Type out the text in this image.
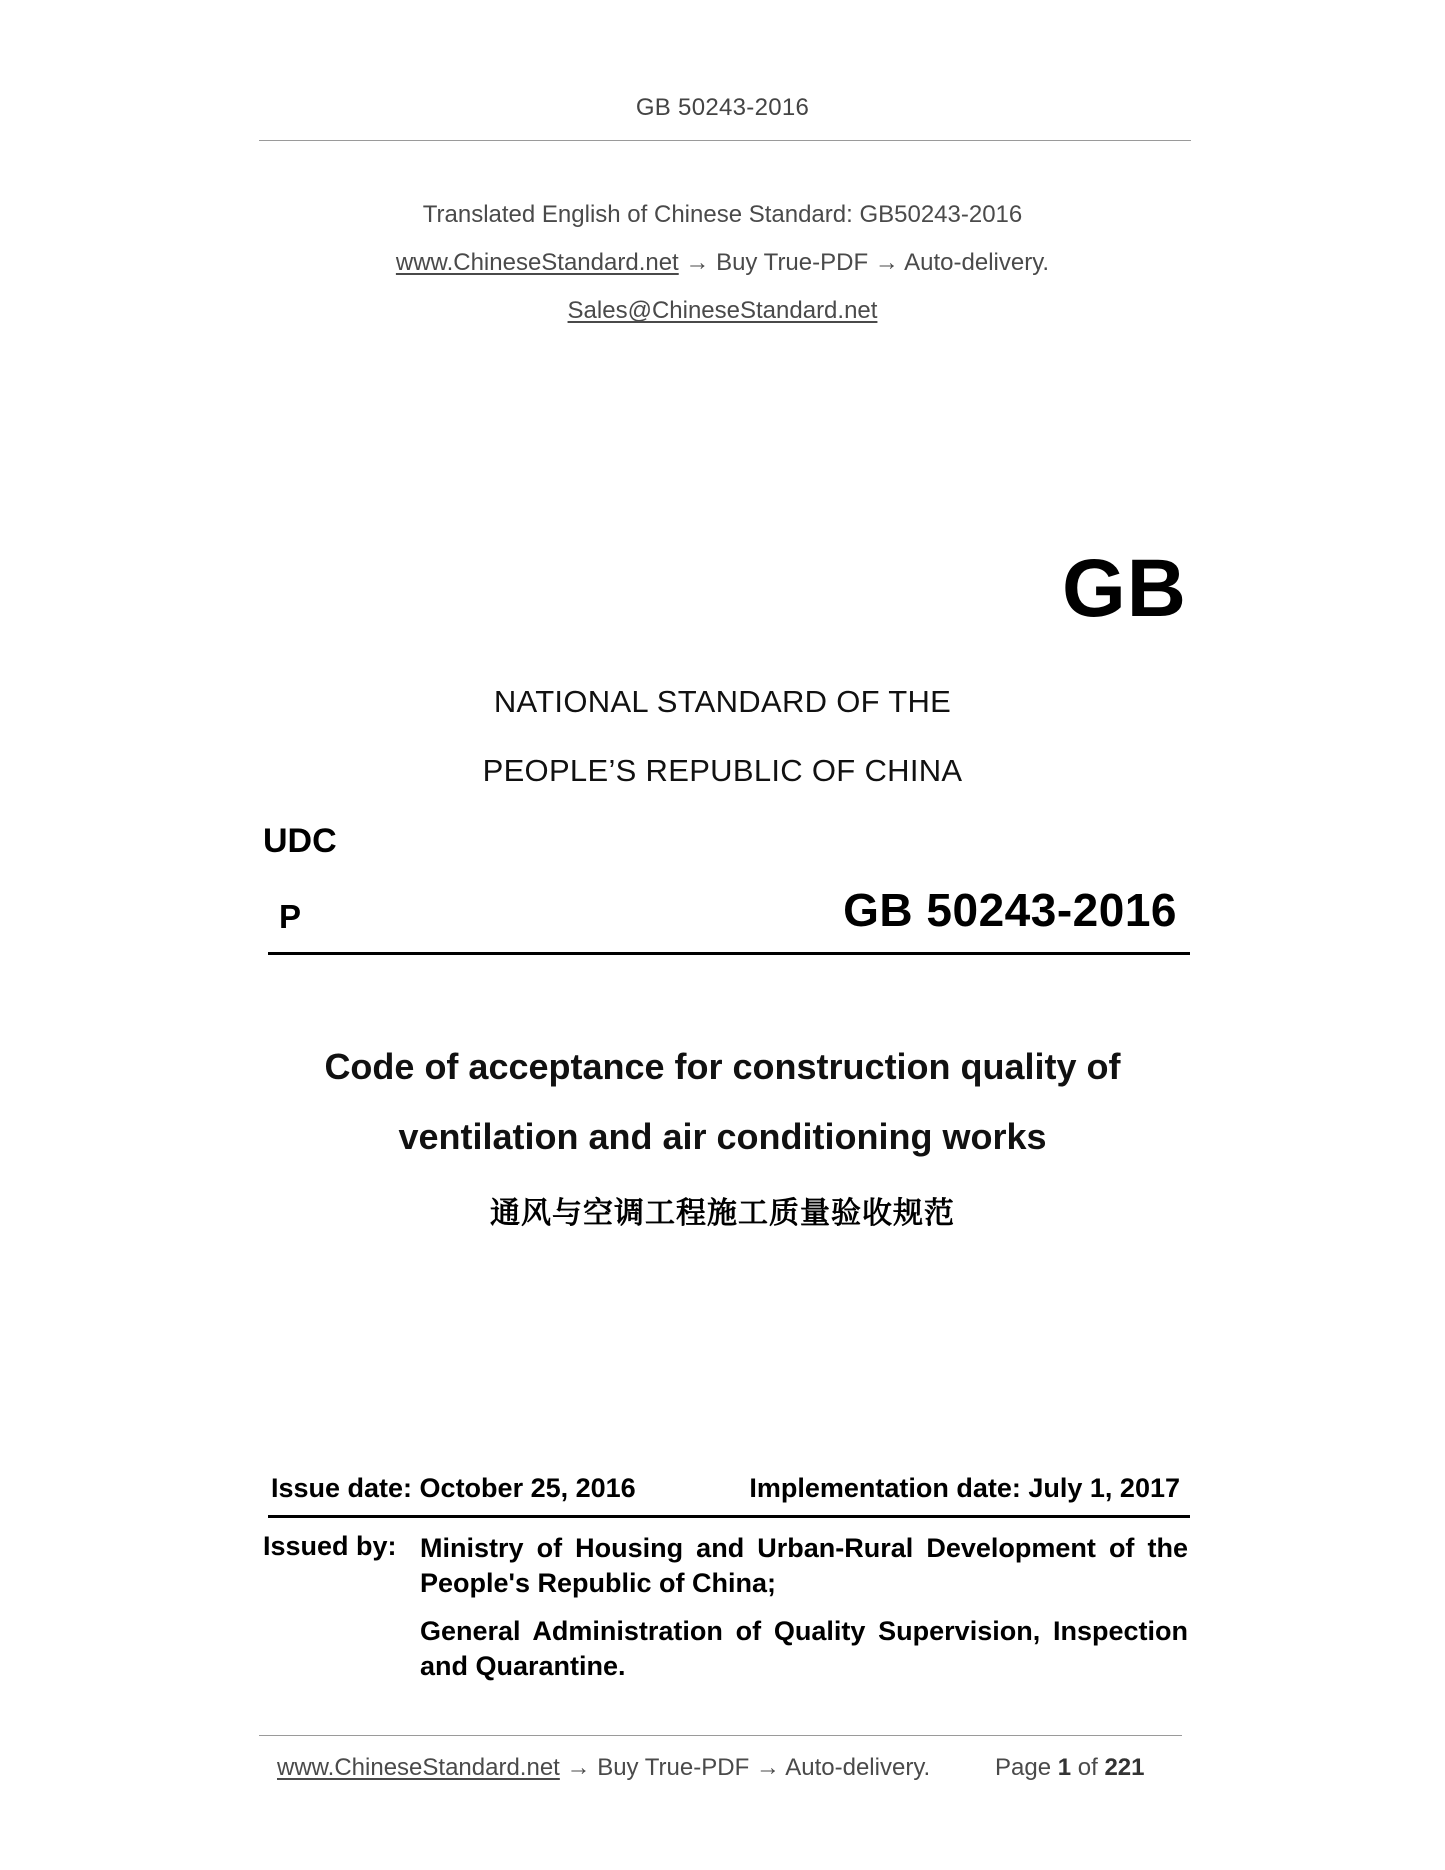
GB 50243-2016
Translated English of Chinese Standard: GB50243-2016
www.ChineseStandard.net → Buy True-PDF → Auto-delivery.
Sales@ChineseStandard.net
GB
NATIONAL STANDARD OF THE
PEOPLE’S REPUBLIC OF CHINA
UDC
P	GB 50243-2016
Code of acceptance for construction quality of
ventilation and air conditioning works
通风与空调工程施工质量验收规范
Issue date: October 25, 2016	Implementation date: July 1, 2017
Issued by: Ministry of Housing and Urban-Rural Development of the People's Republic of China;
General Administration of Quality Supervision, Inspection and Quarantine.
www.ChineseStandard.net → Buy True-PDF → Auto-delivery.	Page 1 of 221
